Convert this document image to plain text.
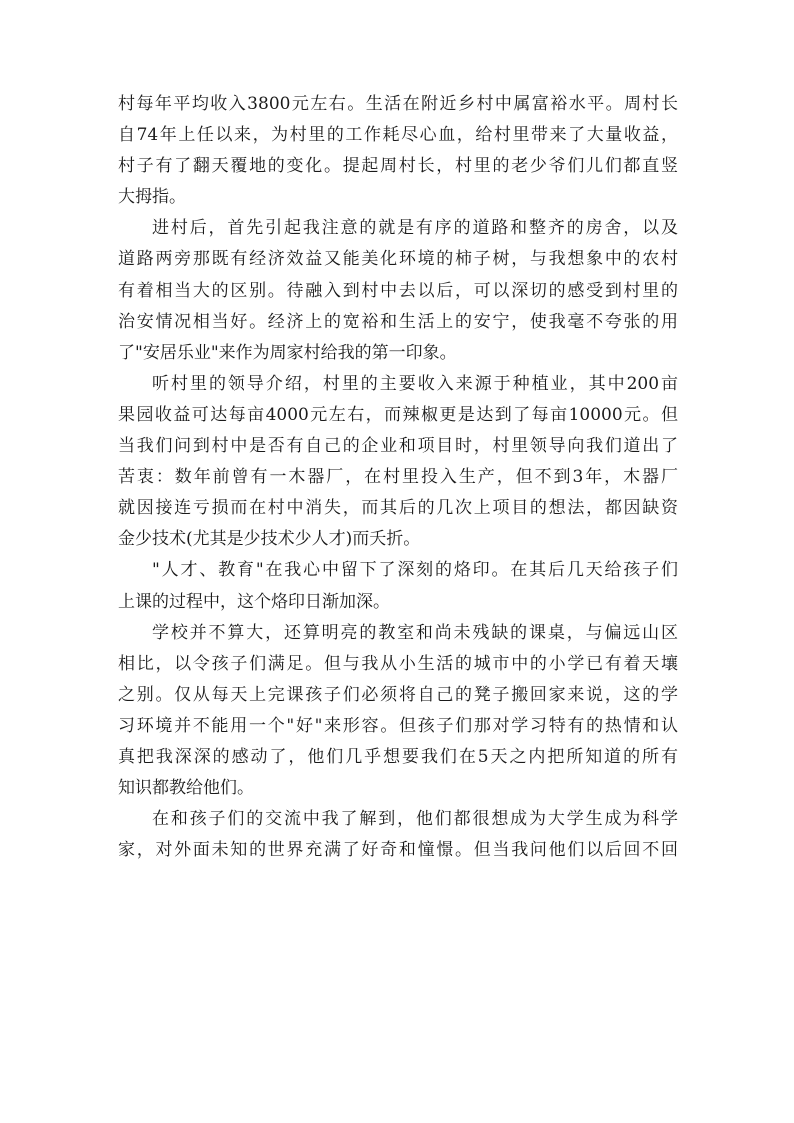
村每年平均收入3800元左右。生活在附近乡村中属富裕水平。周村长
自74年上任以来，为村里的工作耗尽心血，给村里带来了大量收益，
村子有了翻天覆地的变化。提起周村长，村里的老少爷们儿们都直竖
大拇指。
进村后，首先引起我注意的就是有序的道路和整齐的房舍，以及
道路两旁那既有经济效益又能美化环境的柿子树，与我想象中的农村
有着相当大的区别。待融入到村中去以后，可以深切的感受到村里的
治安情况相当好。经济上的宽裕和生活上的安宁，使我毫不夸张的用
了"安居乐业"来作为周家村给我的第一印象。
听村里的领导介绍，村里的主要收入来源于种植业，其中200亩
果园收益可达每亩4000元左右，而辣椒更是达到了每亩10000元。但
当我们问到村中是否有自己的企业和项目时，村里领导向我们道出了
苦衷：数年前曾有一木器厂，在村里投入生产，但不到3年，木器厂
就因接连亏损而在村中消失，而其后的几次上项目的想法，都因缺资
金少技术(尤其是少技术少人才)而夭折。
"人才、教育"在我心中留下了深刻的烙印。在其后几天给孩子们
上课的过程中，这个烙印日渐加深。
学校并不算大，还算明亮的教室和尚未残缺的课桌，与偏远山区
相比，以令孩子们满足。但与我从小生活的城市中的小学已有着天壤
之别。仅从每天上完课孩子们必须将自己的凳子搬回家来说，这的学
习环境并不能用一个"好"来形容。但孩子们那对学习特有的热情和认
真把我深深的感动了，他们几乎想要我们在5天之内把所知道的所有
知识都教给他们。
在和孩子们的交流中我了解到，他们都很想成为大学生成为科学
家，对外面未知的世界充满了好奇和憧憬。但当我问他们以后回不回
